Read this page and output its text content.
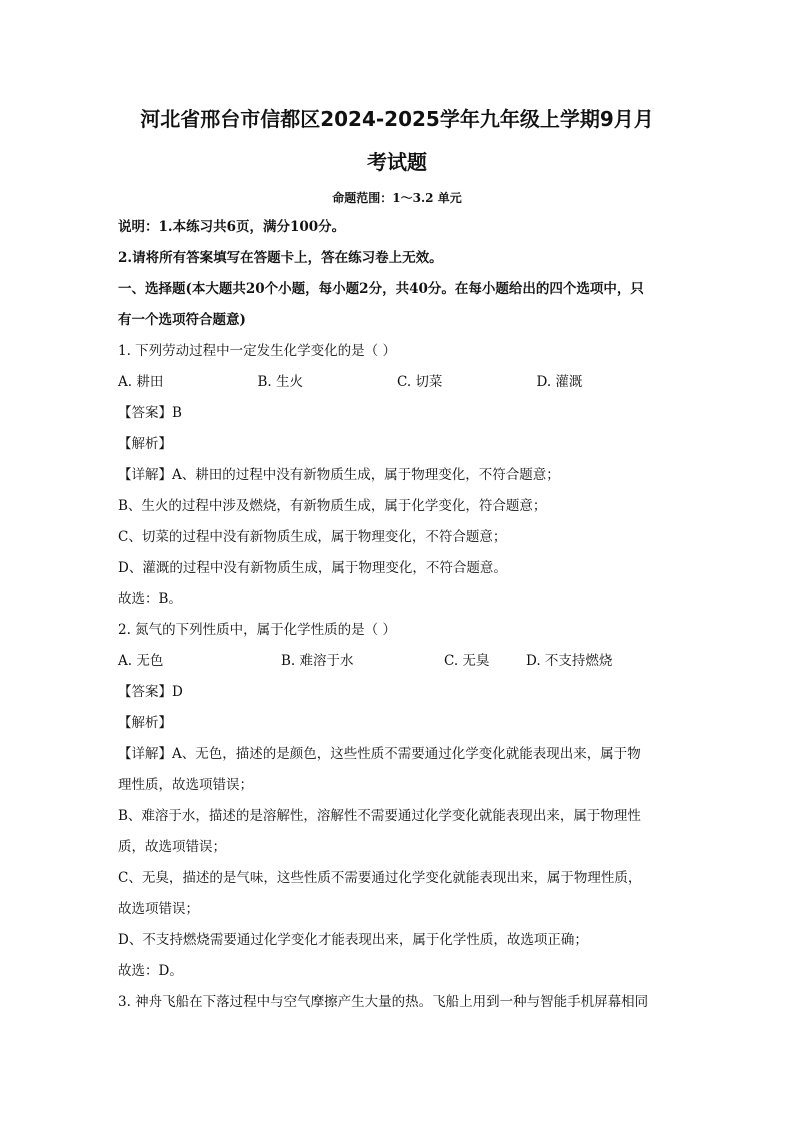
河北省邢台市信都区2024-2025学年九年级上学期9月月
考试题
命题范围：1～3.2 单元
说明：1.本练习共6页，满分100分。
2.请将所有答案填写在答题卡上，答在练习卷上无效。
一、选择题(本大题共20个小题，每小题2分，共40分。在每小题给出的四个选项中，只
有一个选项符合题意)
1. 下列劳动过程中一定发生化学变化的是（ ）
A. 耕田	B. 生火	C. 切菜	D. 灌溉
【答案】B
【解析】
【详解】A、耕田的过程中没有新物质生成，属于物理变化，不符合题意；
B、生火的过程中涉及燃烧，有新物质生成，属于化学变化，符合题意；
C、切菜的过程中没有新物质生成，属于物理变化，不符合题意；
D、灌溉的过程中没有新物质生成，属于物理变化，不符合题意。
故选：B。
2. 氮气的下列性质中，属于化学性质的是（ ）
A. 无色	B. 难溶于水	C. 无臭	D. 不支持燃烧
【答案】D
【解析】
【详解】A、无色，描述的是颜色，这些性质不需要通过化学变化就能表现出来，属于物
理性质，故选项错误；
B、难溶于水，描述的是溶解性，溶解性不需要通过化学变化就能表现出来，属于物理性
质，故选项错误；
C、无臭，描述的是气味，这些性质不需要通过化学变化就能表现出来，属于物理性质，
故选项错误；
D、不支持燃烧需要通过化学变化才能表现出来，属于化学性质，故选项正确；
故选：D。
3. 神舟飞船在下落过程中与空气摩擦产生大量的热。飞船上用到一种与智能手机屏幕相同
